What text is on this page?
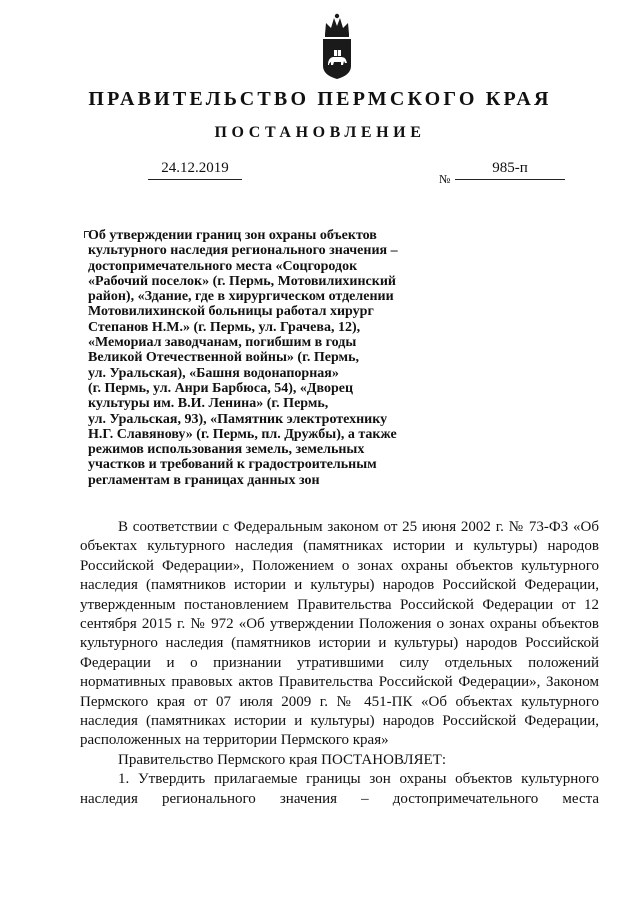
ПРАВИТЕЛЬСТВО ПЕРМСКОГО КРАЯ
ПОСТАНОВЛЕНИЕ
24.12.2019
№
985-п
Об утверждении границ зон охраны объектов
культурного наследия регионального значения –
достопримечательного места «Соцгородок
«Рабочий поселок» (г. Пермь, Мотовилихинский
район), «Здание, где в хирургическом отделении
Мотовилихинской больницы работал хирург
Степанов Н.М.» (г. Пермь, ул. Грачева, 12),
«Мемориал заводчанам, погибшим в годы
Великой Отечественной войны» (г. Пермь,
ул. Уральская), «Башня водонапорная»
(г. Пермь, ул. Анри Барбюса, 54), «Дворец
культуры им. В.И. Ленина» (г. Пермь,
ул. Уральская, 93), «Памятник электротехнику
Н.Г. Славянову» (г. Пермь, пл. Дружбы), а также
режимов использования земель, земельных
участков и требований к градостроительным
регламентам в границах данных зон

В соответствии с Федеральным законом от 25 июня 2002 г. № 73-ФЗ «Об объектах культурного наследия (памятниках истории и культуры) народов Российской Федерации», Положением о зонах охраны объектов культурного наследия (памятников истории и культуры) народов Российской Федерации, утвержденным постановлением Правительства Российской Федерации от 12 сентября 2015 г. № 972 «Об утверждении Положения о зонах охраны объектов культурного наследия (памятников истории и культуры) народов Российской Федерации и о признании утратившими силу отдельных положений нормативных правовых актов Правительства Российской Федерации», Законом Пермского края от 07 июля 2009 г. № 451-ПК «Об объектах культурного наследия (памятниках истории и культуры) народов Российской Федерации, расположенных на территории Пермского края»

Правительство Пермского края ПОСТАНОВЛЯЕТ:

1. Утвердить прилагаемые границы зон охраны объектов культурного наследия регионального значения – достопримечательного места
